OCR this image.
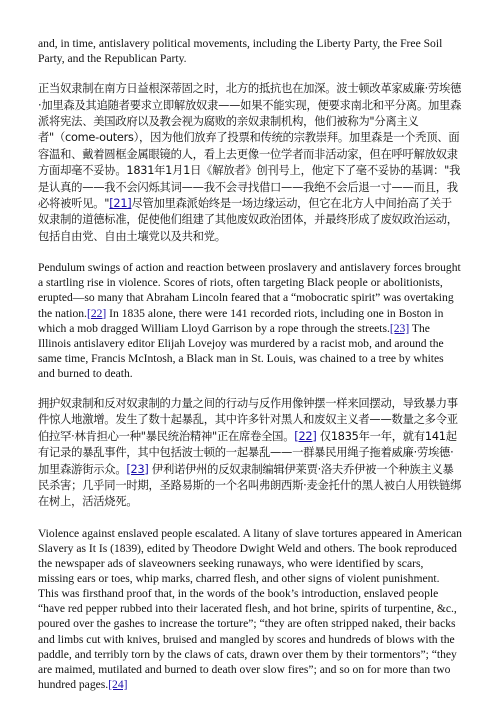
and, in time, antislavery political movements, including the Liberty Party, the Free Soil Party, and the Republican Party.

正当奴隶制在南方日益根深蒂固之时，北方的抵抗也在加深。波士顿改革家威廉·劳埃德·加里森及其追随者要求立即解放奴隶——如果不能实现，便要求南北和平分离。加里森派将宪法、美国政府以及教会视为腐败的亲奴隶制机构，他们被称为"分离主义者"（come-outers），因为他们放弃了投票和传统的宗教崇拜。加里森是一个秃顶、面容温和、戴着圆框金属眼镜的人，看上去更像一位学者而非活动家，但在呼吁解放奴隶方面却毫不妥协。1831年1月1日《解放者》创刊号上，他定下了毫不妥协的基调："我是认真的——我不会闪烁其词——我不会寻找借口——我绝不会后退一寸——而且，我必将被听见。"[21]尽管加里森派始终是一场边缘运动，但它在北方人中间抬高了关于奴隶制的道德标准，促使他们组建了其他废奴政治团体，并最终形成了废奴政治运动，包括自由党、自由土壤党以及共和党。

Pendulum swings of action and reaction between proslavery and antislavery forces brought a startling rise in violence. Scores of riots, often targeting Black people or abolitionists, erupted—so many that Abraham Lincoln feared that a “mobocratic spirit” was overtaking the nation.[22] In 1835 alone, there were 141 recorded riots, including one in Boston in which a mob dragged William Lloyd Garrison by a rope through the streets.[23] The Illinois antislavery editor Elijah Lovejoy was murdered by a racist mob, and around the same time, Francis McIntosh, a Black man in St. Louis, was chained to a tree by whites and burned to death.

拥护奴隶制和反对奴隶制的力量之间的行动与反作用像钟摆一样来回摆动，导致暴力事件惊人地激增。发生了数十起暴乱，其中许多针对黑人和废奴主义者——数量之多令亚伯拉罕·林肯担心一种"暴民统治精神"正在席卷全国。[22] 仅1835年一年，就有141起有记录的暴乱事件，其中包括波士顿的一起暴乱——一群暴民用绳子拖着威廉·劳埃德·加里森游街示众。[23] 伊利诺伊州的反奴隶制编辑伊莱贾·洛夫乔伊被一个种族主义暴民杀害；几乎同一时期，圣路易斯的一个名叫弗朗西斯·麦金托什的黑人被白人用铁链绑在树上，活活烧死。

Violence against enslaved people escalated. A litany of slave tortures appeared in American Slavery as It Is (1839), edited by Theodore Dwight Weld and others. The book reproduced the newspaper ads of slaveowners seeking runaways, who were identified by scars, missing ears or toes, whip marks, charred flesh, and other signs of violent punishment. This was firsthand proof that, in the words of the book’s introduction, enslaved people “have red pepper rubbed into their lacerated flesh, and hot brine, spirits of turpentine, &c., poured over the gashes to increase the torture”; “they are often stripped naked, their backs and limbs cut with knives, bruised and mangled by scores and hundreds of blows with the paddle, and terribly torn by the claws of cats, drawn over them by their tormentors”; “they are maimed, mutilated and burned to death over slow fires”; and so on for more than two hundred pages.[24]
